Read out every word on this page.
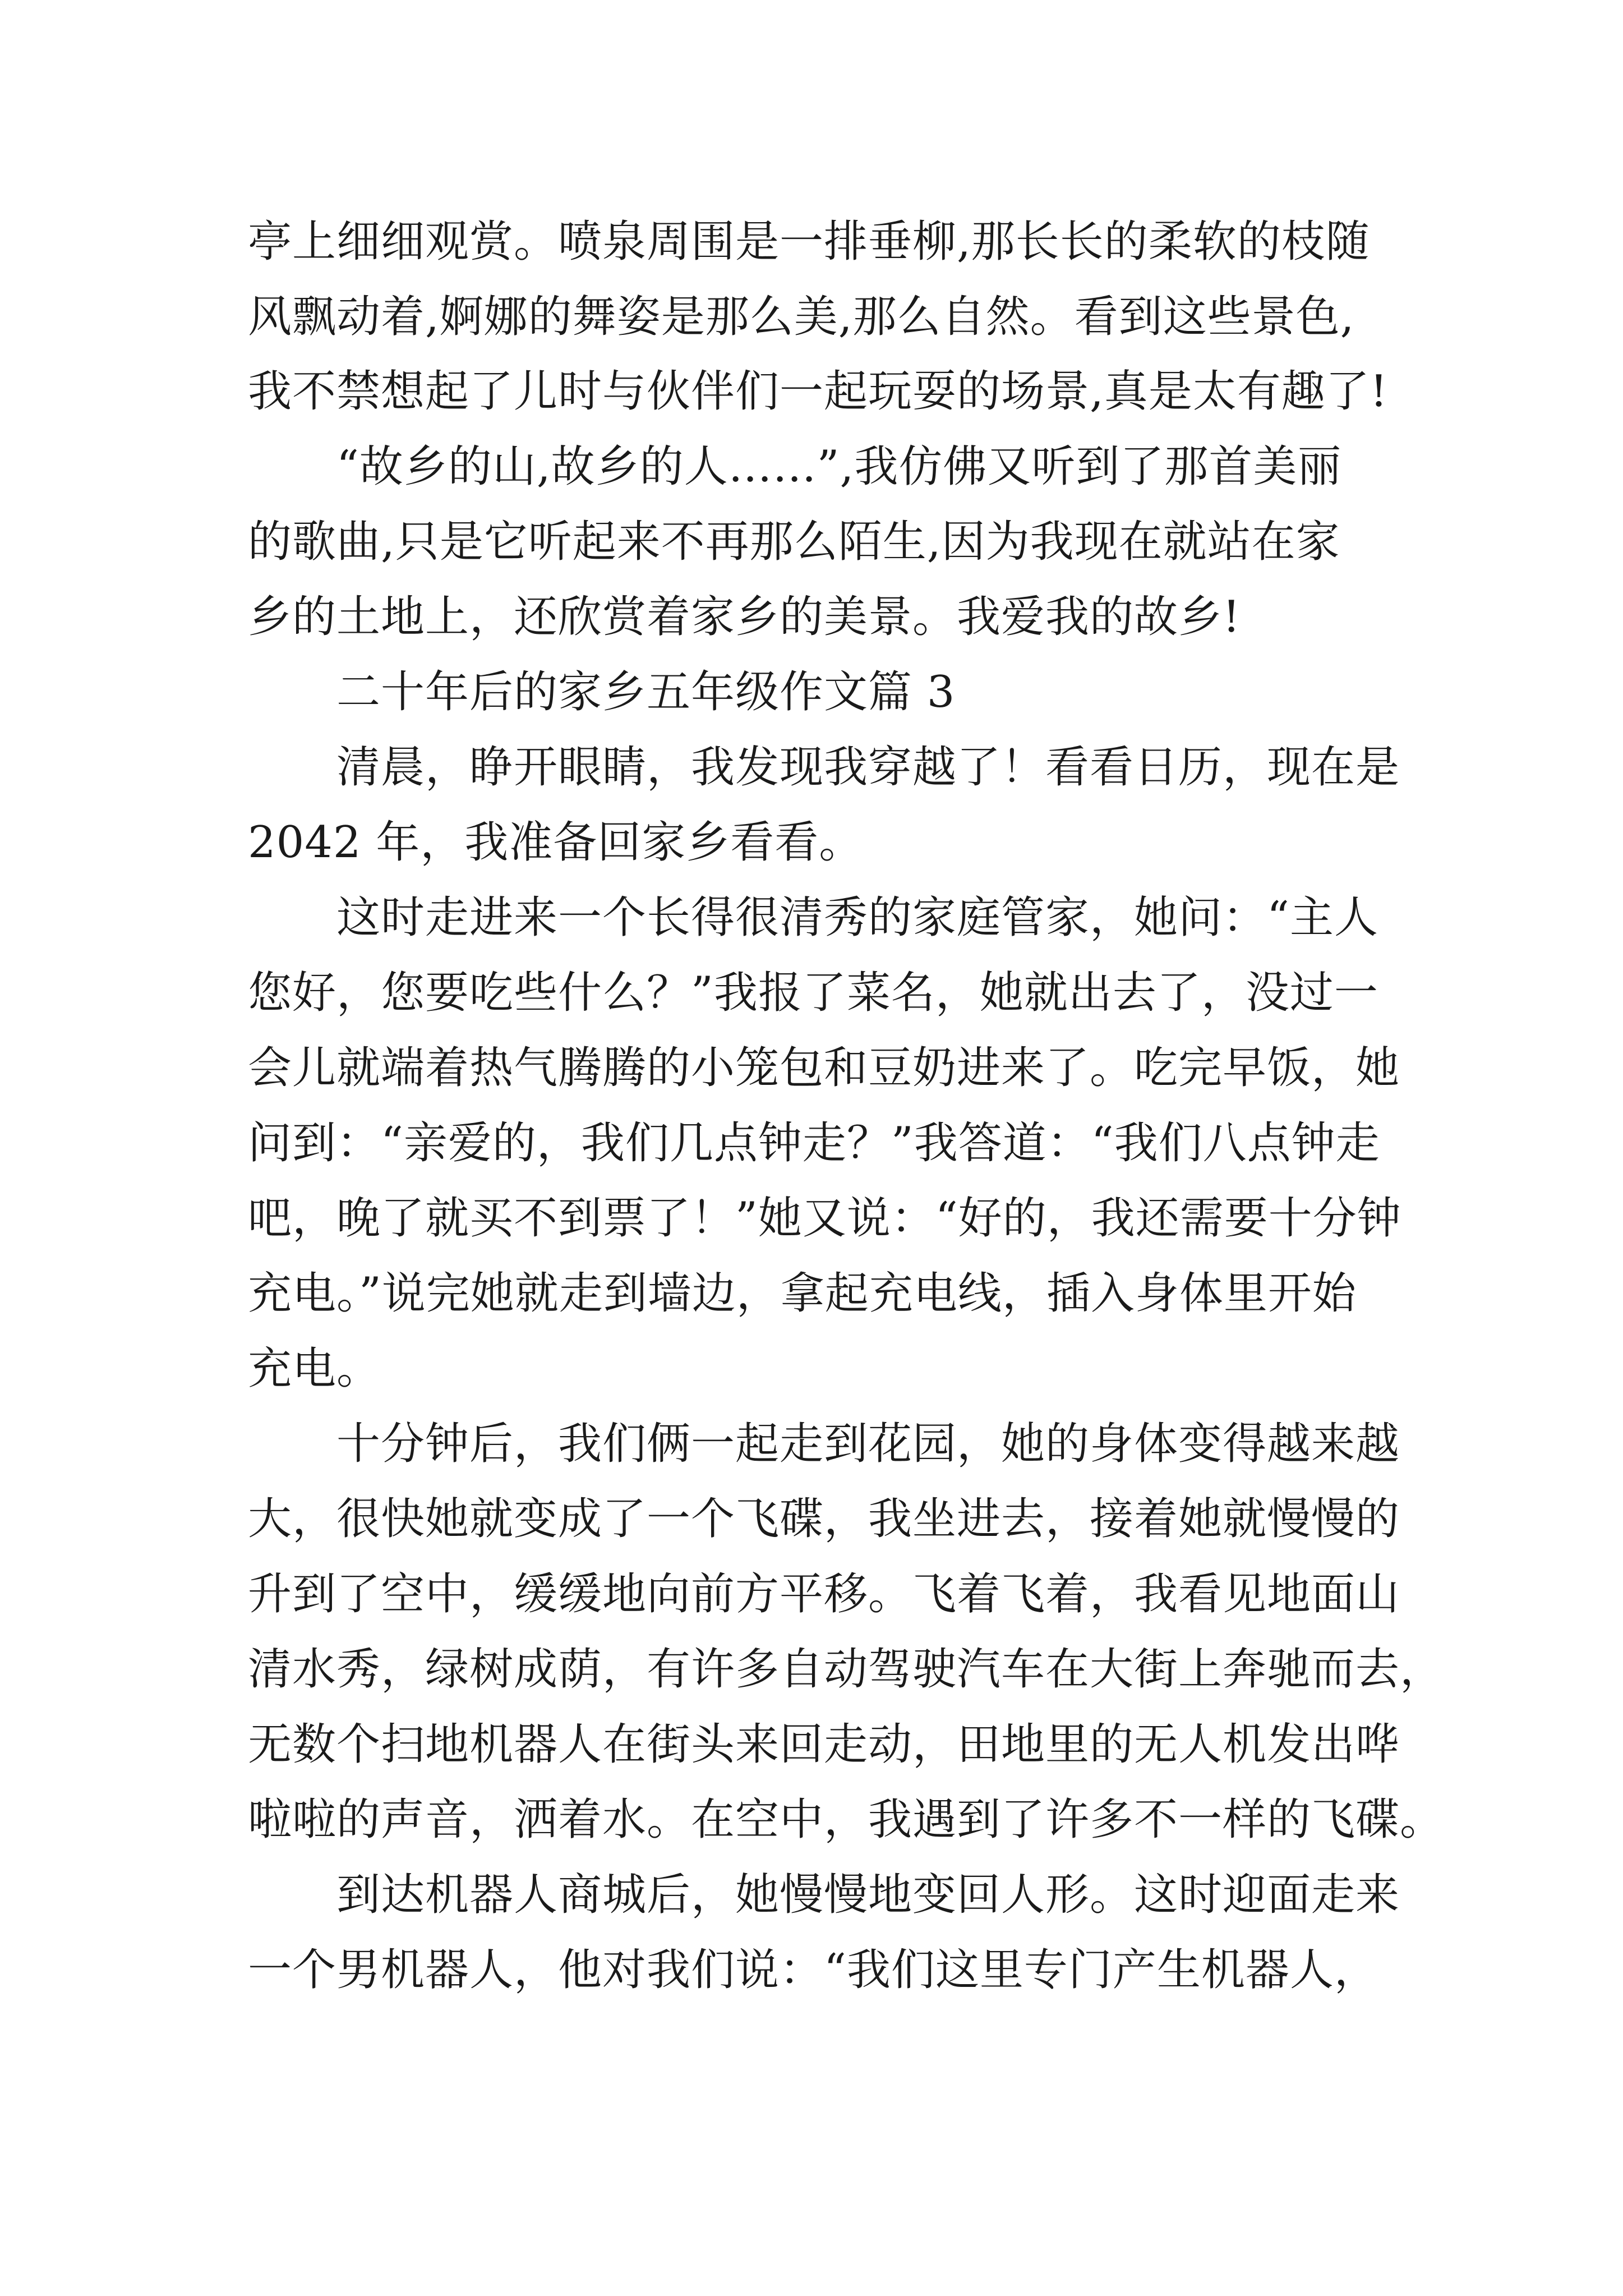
亭上细细观赏。喷泉周围是一排垂柳,那长长的柔软的枝随
风飘动着,婀娜的舞姿是那么美,那么自然。看到这些景色,
我不禁想起了儿时与伙伴们一起玩耍的场景,真是太有趣了!
“故乡的山,故乡的人……”,我仿佛又听到了那首美丽
的歌曲,只是它听起来不再那么陌生,因为我现在就站在家
乡的土地上，还欣赏着家乡的美景。我爱我的故乡!
二十年后的家乡五年级作文篇 3
清晨，睁开眼睛，我发现我穿越了！看看日历，现在是
2042 年，我准备回家乡看看。
这时走进来一个长得很清秀的家庭管家，她问：“主人
您好，您要吃些什么？”我报了菜名，她就出去了，没过一
会儿就端着热气腾腾的小笼包和豆奶进来了。吃完早饭，她
问到：“亲爱的，我们几点钟走？”我答道：“我们八点钟走
吧，晚了就买不到票了！”她又说：“好的，我还需要十分钟
充电。”说完她就走到墙边，拿起充电线，插入身体里开始
充电。
十分钟后，我们俩一起走到花园，她的身体变得越来越
大，很快她就变成了一个飞碟，我坐进去，接着她就慢慢的
升到了空中，缓缓地向前方平移。飞着飞着，我看见地面山
清水秀，绿树成荫，有许多自动驾驶汽车在大街上奔驰而去，
无数个扫地机器人在街头来回走动，田地里的无人机发出哗
啦啦的声音，洒着水。在空中，我遇到了许多不一样的飞碟。
到达机器人商城后，她慢慢地变回人形。这时迎面走来
一个男机器人，他对我们说：“我们这里专门产生机器人，
